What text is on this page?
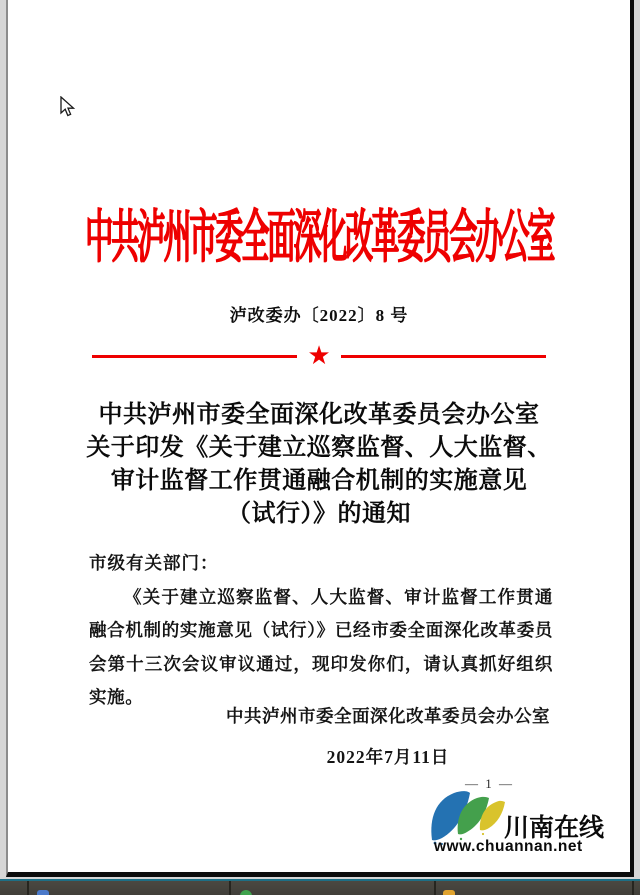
中共泸州市委全面深化改革委员会办公室
泸改委办〔2022〕8 号
★
中共泸州市委全面深化改革委员会办公室
关于印发《关于建立巡察监督、人大监督、
审计监督工作贯通融合机制的实施意见
（试行）》的通知
市级有关部门：
《关于建立巡察监督、人大监督、审计监督工作贯通融合机制的实施意见（试行）》已经市委全面深化改革委员会第十三次会议审议通过，现印发你们，请认真抓好组织实施。
中共泸州市委全面深化改革委员会办公室
2022年7月11日
— 1 —
川南在线
www.chuannan.net
